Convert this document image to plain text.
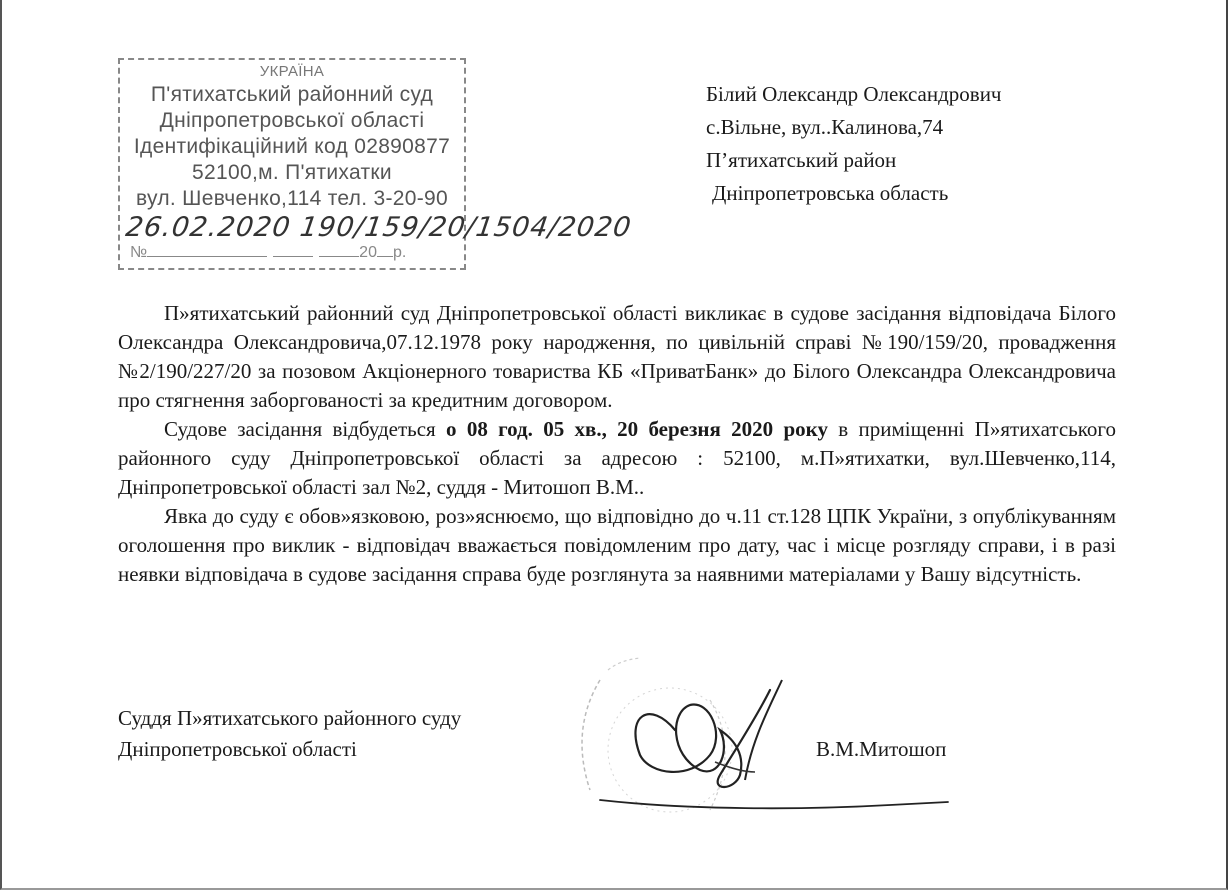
УКРАЇНА
П'ятихатський районний суд
Дніпропетровської області
Ідентифікаційний код 02890877
52100,м. П'ятихатки
вул. Шевченко,114 тел. 3-20-90
№	20 р.
26.02.2020 190/159/20/1504/2020
Білий Олександр Олександрович
с.Вільне, вул..Калинова,74
П’ятихатський район
Дніпропетровська область

П»ятихатський районний суд Дніпропетровської області викликає в судове засідання відповідача Білого Олександра Олександровича,07.12.1978 року народження, по цивільній справі №190/159/20, провадження №2/190/227/20 за позовом Акціонерного товариства КБ «ПриватБанк» до Білого Олександра Олександровича про стягнення заборгованості за кредитним договором.

Судове засідання відбудеться о 08 год. 05 хв., 20 березня 2020 року в приміщенні П»ятихатського районного суду Дніпропетровської області за адресою : 52100, м.П»ятихатки, вул.Шевченко,114, Дніпропетровської області зал №2, суддя - Митошоп В.М..

Явка до суду є обов»язковою, роз»яснюємо, що відповідно до ч.11 ст.128 ЦПК України, з опублікуванням оголошення про виклик - відповідач вважається повідомленим про дату, час і місце розгляду справи, і в разі неявки відповідача в судове засідання справа буде розглянута за наявними матеріалами у Вашу відсутність.

Суддя П»ятихатського районного суду
Дніпропетровської області	В.М.Митошоп
